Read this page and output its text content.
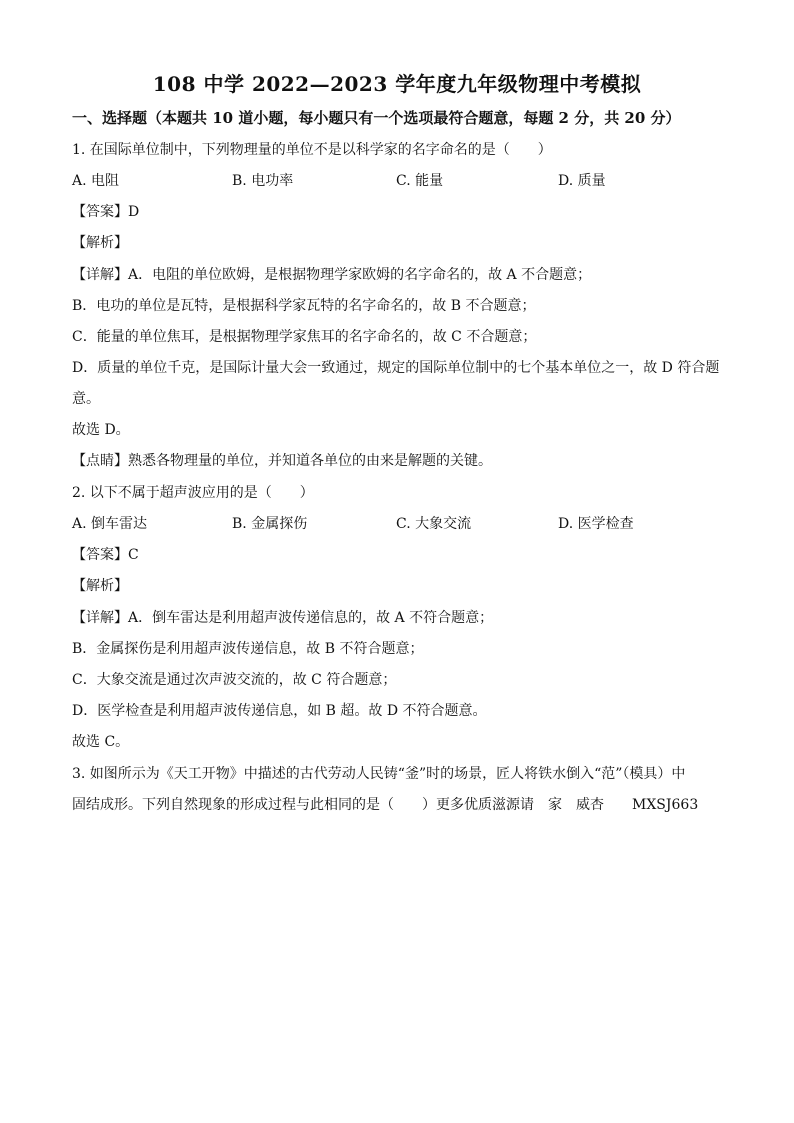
108 中学 2022—2023 学年度九年级物理中考模拟
一、选择题（本题共 10 道小题，每小题只有一个选项最符合题意，每题 2 分，共 20 分）
1. 在国际单位制中，下列物理量的单位不是以科学家的名字命名的是（　　）
A. 电阻	B. 电功率	C. 能量	D. 质量
【答案】D
【解析】
【详解】A．电阻的单位欧姆，是根据物理学家欧姆的名字命名的，故 A 不合题意；
B．电功的单位是瓦特，是根据科学家瓦特的名字命名的，故 B 不合题意；
C．能量的单位焦耳，是根据物理学家焦耳的名字命名的，故 C 不合题意；
D．质量的单位千克，是国际计量大会一致通过，规定的国际单位制中的七个基本单位之一，故 D 符合题
意。
故选 D。
【点睛】熟悉各物理量的单位，并知道各单位的由来是解题的关键。
2. 以下不属于超声波应用的是（　　）
A. 倒车雷达	B. 金属探伤	C. 大象交流	D. 医学检查
【答案】C
【解析】
【详解】A．倒车雷达是利用超声波传递信息的，故 A 不符合题意；
B．金属探伤是利用超声波传递信息，故 B 不符合题意；
C．大象交流是通过次声波交流的，故 C 符合题意；
D．医学检查是利用超声波传递信息，如 B 超。故 D 不符合题意。
故选 C。
3. 如图所示为《天工开物》中描述的古代劳动人民铸“釜”时的场景，匠人将铁水倒入“范”（模具）中
固结成形。下列自然现象的形成过程与此相同的是（　　）更多优质滋源请　家　威杏　　MXSJ663
